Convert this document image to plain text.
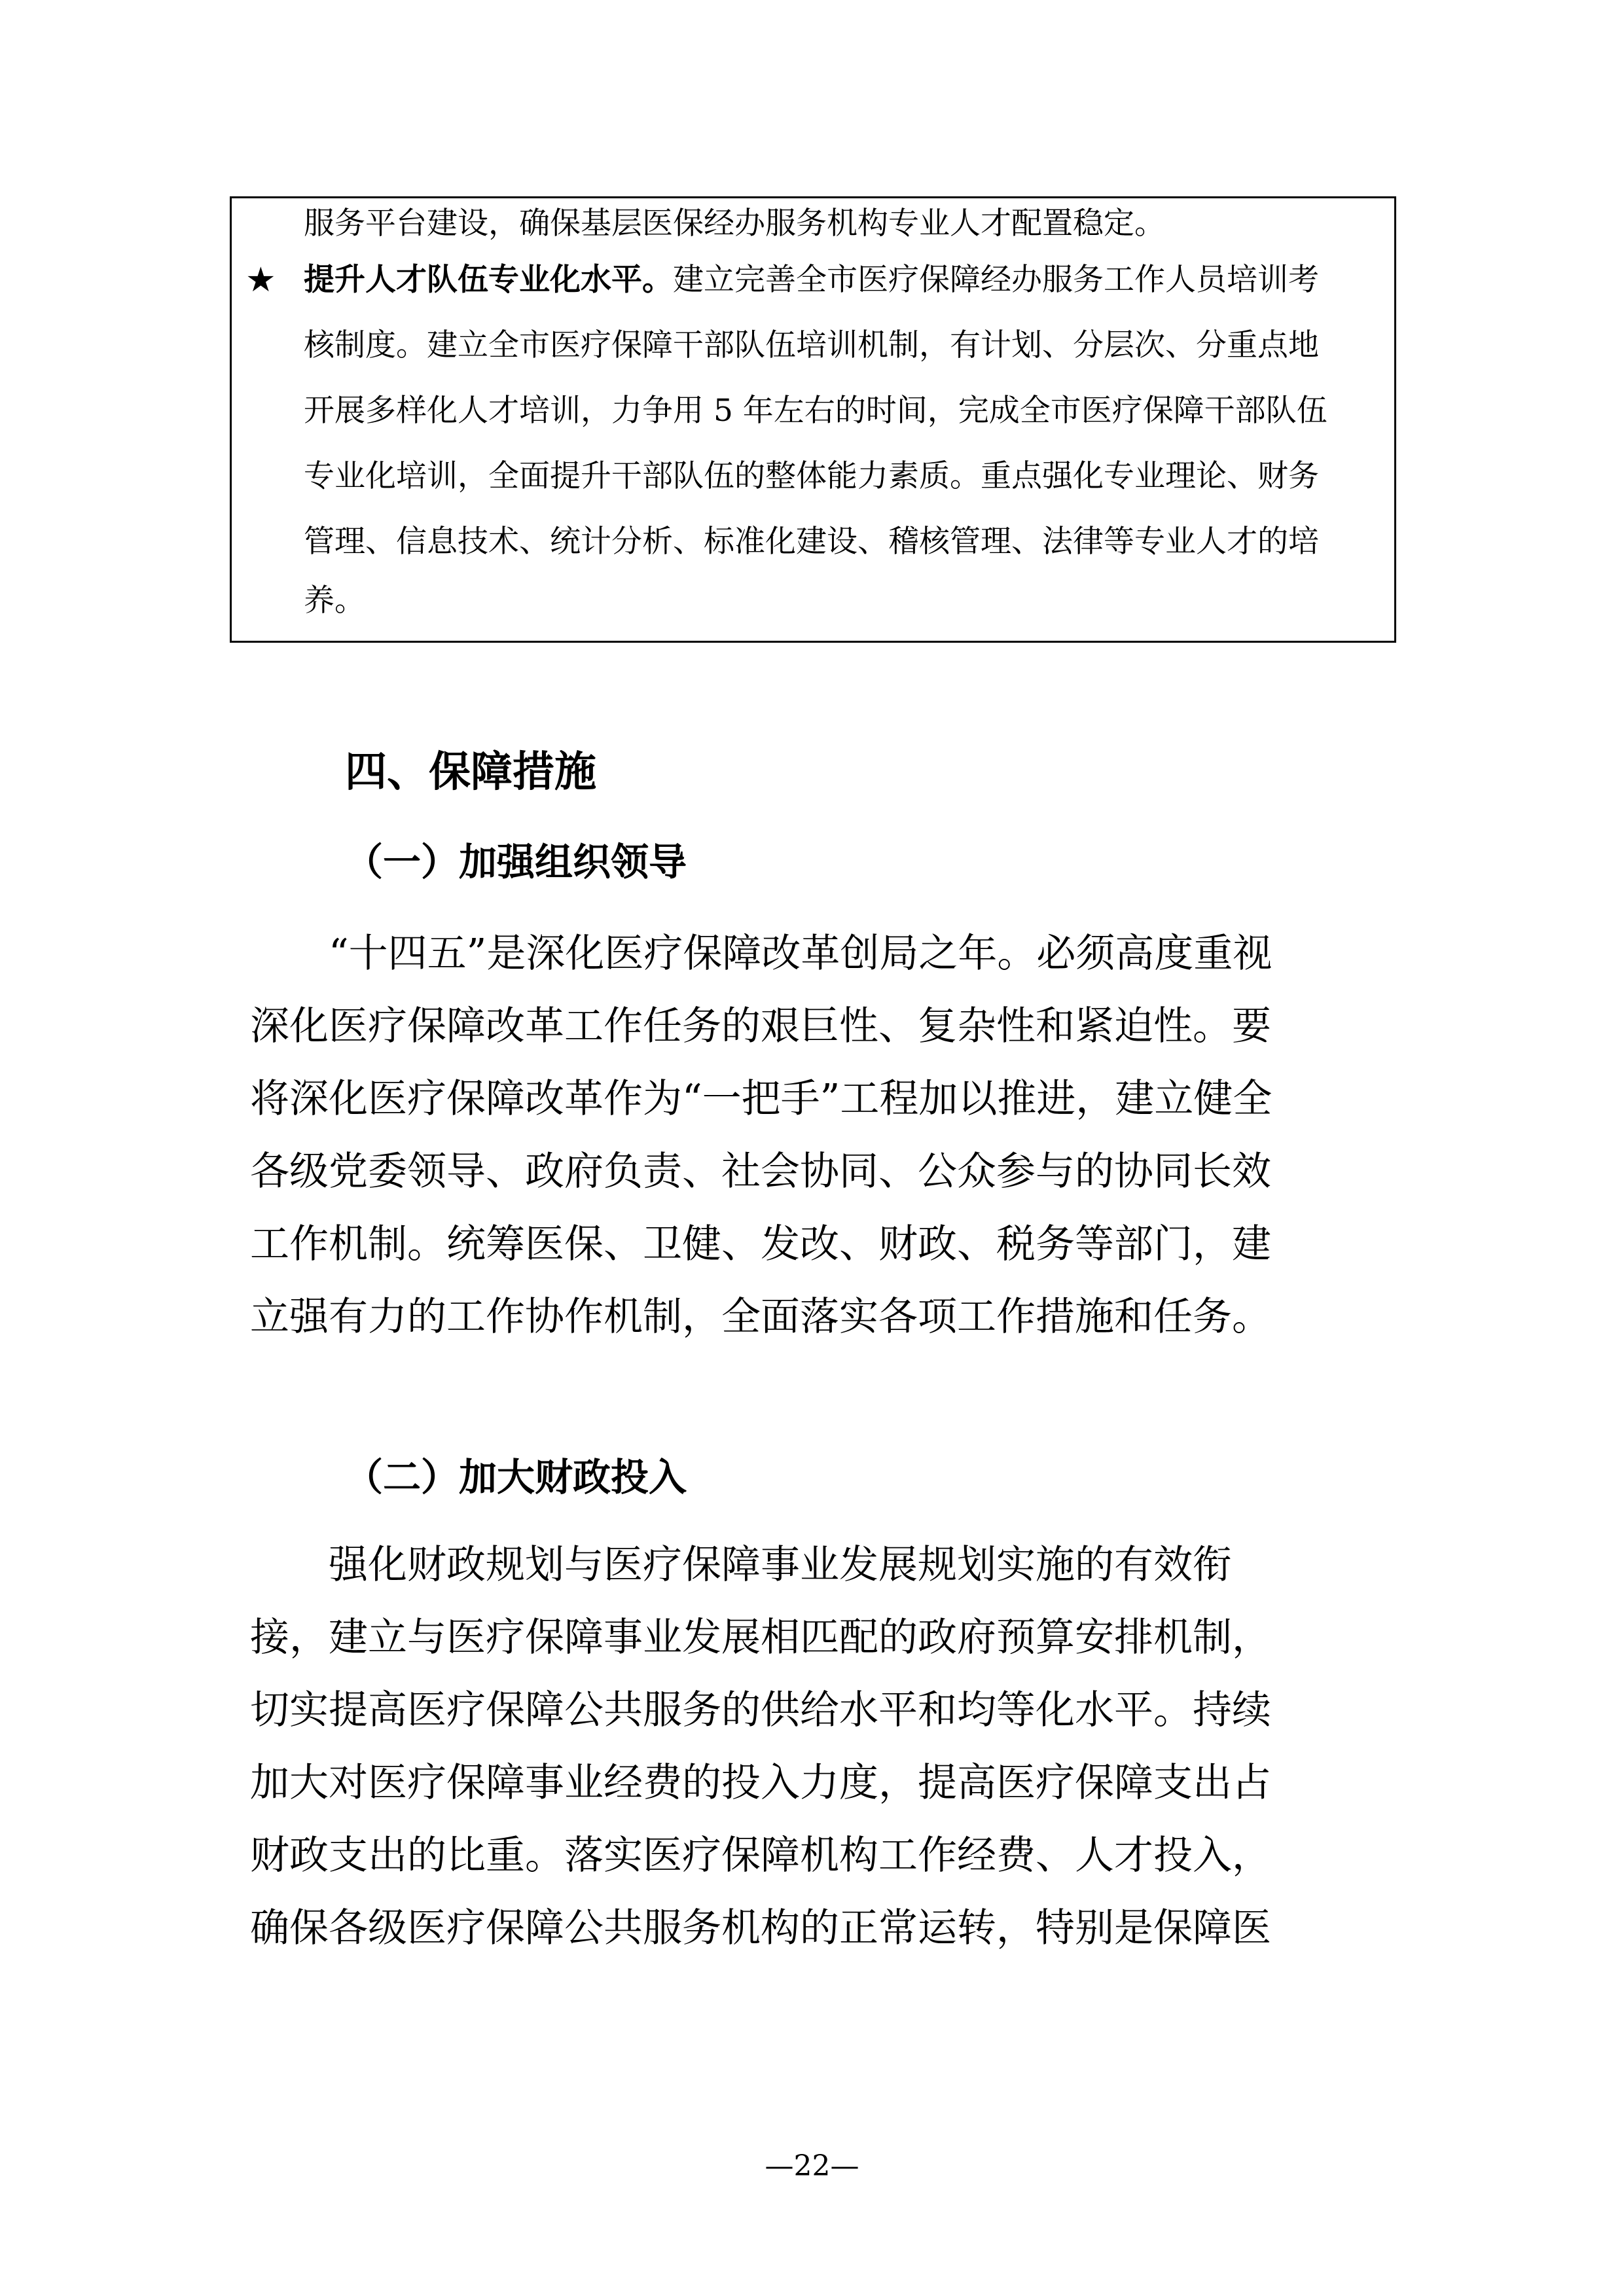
服务平台建设，确保基层医保经办服务机构专业人才配置稳定。
★ 提升人才队伍专业化水平。建立完善全市医疗保障经办服务工作人员培训考
核制度。建立全市医疗保障干部队伍培训机制，有计划、分层次、分重点地
开展多样化人才培训，力争用 5 年左右的时间，完成全市医疗保障干部队伍
专业化培训，全面提升干部队伍的整体能力素质。重点强化专业理论、财务
管理、信息技术、统计分析、标准化建设、稽核管理、法律等专业人才的培
养。
四、保障措施
（一）加强组织领导
“十四五”是深化医疗保障改革创局之年。必须高度重视
深化医疗保障改革工作任务的艰巨性、复杂性和紧迫性。要
将深化医疗保障改革作为“一把手”工程加以推进，建立健全
各级党委领导、政府负责、社会协同、公众参与的协同长效
工作机制。统筹医保、卫健、发改、财政、税务等部门，建
立强有力的工作协作机制，全面落实各项工作措施和任务。
（二）加大财政投入
强化财政规划与医疗保障事业发展规划实施的有效衔
接，建立与医疗保障事业发展相匹配的政府预算安排机制，
切实提高医疗保障公共服务的供给水平和均等化水平。持续
加大对医疗保障事业经费的投入力度，提高医疗保障支出占
财政支出的比重。落实医疗保障机构工作经费、人才投入，
确保各级医疗保障公共服务机构的正常运转，特别是保障医
—22—
